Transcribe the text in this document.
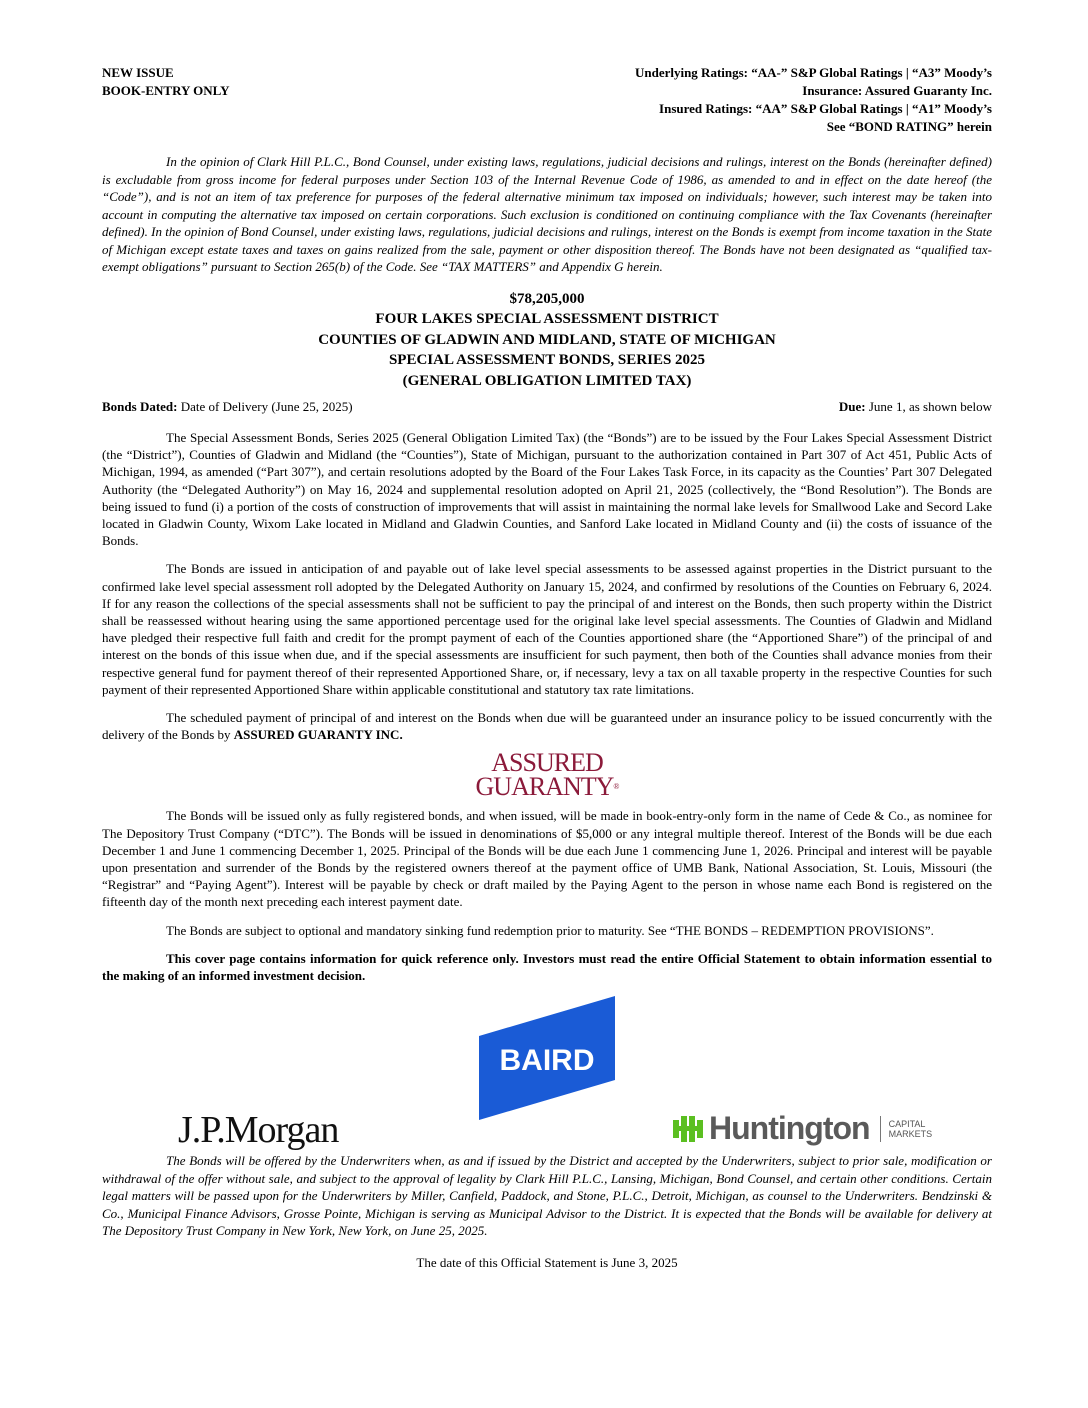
NEW ISSUE
BOOK-ENTRY ONLY
Underlying Ratings: “AA-” S&P Global Ratings | “A3” Moody’s
Insurance: Assured Guaranty Inc.
Insured Ratings: “AA” S&P Global Ratings | “A1” Moody’s
See “BOND RATING” herein

In the opinion of Clark Hill P.L.C., Bond Counsel, under existing laws, regulations, judicial decisions and rulings, interest on the Bonds (hereinafter defined) is excludable from gross income for federal purposes under Section 103 of the Internal Revenue Code of 1986, as amended to and in effect on the date hereof (the “Code”), and is not an item of tax preference for purposes of the federal alternative minimum tax imposed on individuals; however, such interest may be taken into account in computing the alternative tax imposed on certain corporations. Such exclusion is conditioned on continuing compliance with the Tax Covenants (hereinafter defined). In the opinion of Bond Counsel, under existing laws, regulations, judicial decisions and rulings, interest on the Bonds is exempt from income taxation in the State of Michigan except estate taxes and taxes on gains realized from the sale, payment or other disposition thereof. The Bonds have not been designated as “qualified tax-exempt obligations” pursuant to Section 265(b) of the Code. See “TAX MATTERS” and Appendix G herein.

$78,205,000
FOUR LAKES SPECIAL ASSESSMENT DISTRICT
COUNTIES OF GLADWIN AND MIDLAND, STATE OF MICHIGAN
SPECIAL ASSESSMENT BONDS, SERIES 2025
(GENERAL OBLIGATION LIMITED TAX)
Bonds Dated: Date of Delivery (June 25, 2025)	Due: June 1, as shown below

The Special Assessment Bonds, Series 2025 (General Obligation Limited Tax) (the “Bonds”) are to be issued by the Four Lakes Special Assessment District (the “District”), Counties of Gladwin and Midland (the “Counties”), State of Michigan, pursuant to the authorization contained in Part 307 of Act 451, Public Acts of Michigan, 1994, as amended (“Part 307”), and certain resolutions adopted by the Board of the Four Lakes Task Force, in its capacity as the Counties’ Part 307 Delegated Authority (the “Delegated Authority”) on May 16, 2024 and supplemental resolution adopted on April 21, 2025 (collectively, the “Bond Resolution”). The Bonds are being issued to fund (i) a portion of the costs of construction of improvements that will assist in maintaining the normal lake levels for Smallwood Lake and Secord Lake located in Gladwin County, Wixom Lake located in Midland and Gladwin Counties, and Sanford Lake located in Midland County and (ii) the costs of issuance of the Bonds.

The Bonds are issued in anticipation of and payable out of lake level special assessments to be assessed against properties in the District pursuant to the confirmed lake level special assessment roll adopted by the Delegated Authority on January 15, 2024, and confirmed by resolutions of the Counties on February 6, 2024. If for any reason the collections of the special assessments shall not be sufficient to pay the principal of and interest on the Bonds, then such property within the District shall be reassessed without hearing using the same apportioned percentage used for the original lake level special assessments. The Counties of Gladwin and Midland have pledged their respective full faith and credit for the prompt payment of each of the Counties apportioned share (the “Apportioned Share”) of the principal of and interest on the bonds of this issue when due, and if the special assessments are insufficient for such payment, then both of the Counties shall advance monies from their respective general fund for payment thereof of their represented Apportioned Share, or, if necessary, levy a tax on all taxable property in the respective Counties for such payment of their represented Apportioned Share within applicable constitutional and statutory tax rate limitations.

The scheduled payment of principal of and interest on the Bonds when due will be guaranteed under an insurance policy to be issued concurrently with the delivery of the Bonds by ASSURED GUARANTY INC.

ASSURED
GUARANTY®

The Bonds will be issued only as fully registered bonds, and when issued, will be made in book-entry-only form in the name of Cede & Co., as nominee for The Depository Trust Company (“DTC”). The Bonds will be issued in denominations of $5,000 or any integral multiple thereof. Interest of the Bonds will be due each December 1 and June 1 commencing December 1, 2025. Principal of the Bonds will be due each June 1 commencing June 1, 2026. Principal and interest will be payable upon presentation and surrender of the Bonds by the registered owners thereof at the payment office of UMB Bank, National Association, St. Louis, Missouri (the “Registrar” and “Paying Agent”). Interest will be payable by check or draft mailed by the Paying Agent to the person in whose name each Bond is registered on the fifteenth day of the month next preceding each interest payment date.

The Bonds are subject to optional and mandatory sinking fund redemption prior to maturity. See “THE BONDS – REDEMPTION PROVISIONS”.

This cover page contains information for quick reference only. Investors must read the entire Official Statement to obtain information essential to the making of an informed investment decision.

BAIRD
J.P.Morgan	Huntington CAPITAL
MARKETS

The Bonds will be offered by the Underwriters when, as and if issued by the District and accepted by the Underwriters, subject to prior sale, modification or withdrawal of the offer without sale, and subject to the approval of legality by Clark Hill P.L.C., Lansing, Michigan, Bond Counsel, and certain other conditions. Certain legal matters will be passed upon for the Underwriters by Miller, Canfield, Paddock, and Stone, P.L.C., Detroit, Michigan, as counsel to the Underwriters. Bendzinski & Co., Municipal Finance Advisors, Grosse Pointe, Michigan is serving as Municipal Advisor to the District. It is expected that the Bonds will be available for delivery at The Depository Trust Company in New York, New York, on June 25, 2025.

The date of this Official Statement is June 3, 2025
